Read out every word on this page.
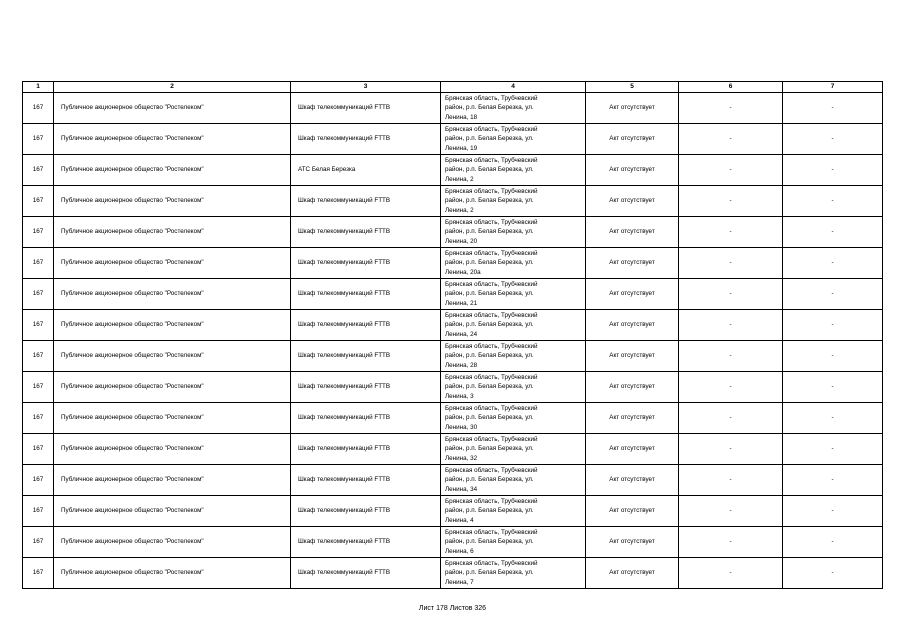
1	2	3	4	5	6	7
167	Публичное акционерное общество "Ростелеком"	Шкаф телекоммуникаций FTTB	Брянская область, Трубчевский
район, р.п. Белая Березка, ул.
Ленина, 18	Акт отсутствует	-	-
167	Публичное акционерное общество "Ростелеком"	Шкаф телекоммуникаций FTTB	Брянская область, Трубчевский
район, р.п. Белая Березка, ул.
Ленина, 19	Акт отсутствует	-	-
167	Публичное акционерное общество "Ростелеком"	АТС Белая Березка	Брянская область, Трубчевский
район, р.п. Белая Березка, ул.
Ленина, 2	Акт отсутствует	-	-
167	Публичное акционерное общество "Ростелеком"	Шкаф телекоммуникаций FTTB	Брянская область, Трубчевский
район, р.п. Белая Березка, ул.
Ленина, 2	Акт отсутствует	-	-
167	Публичное акционерное общество "Ростелеком"	Шкаф телекоммуникаций FTTB	Брянская область, Трубчевский
район, р.п. Белая Березка, ул.
Ленина, 20	Акт отсутствует	-	-
167	Публичное акционерное общество "Ростелеком"	Шкаф телекоммуникаций FTTB	Брянская область, Трубчевский
район, р.п. Белая Березка, ул.
Ленина, 20а	Акт отсутствует	-	-
167	Публичное акционерное общество "Ростелеком"	Шкаф телекоммуникаций FTTB	Брянская область, Трубчевский
район, р.п. Белая Березка, ул.
Ленина, 21	Акт отсутствует	-	-
167	Публичное акционерное общество "Ростелеком"	Шкаф телекоммуникаций FTTB	Брянская область, Трубчевский
район, р.п. Белая Березка, ул.
Ленина, 24	Акт отсутствует	-	-
167	Публичное акционерное общество "Ростелеком"	Шкаф телекоммуникаций FTTB	Брянская область, Трубчевский
район, р.п. Белая Березка, ул.
Ленина, 28	Акт отсутствует	-	-
167	Публичное акционерное общество "Ростелеком"	Шкаф телекоммуникаций FTTB	Брянская область, Трубчевский
район, р.п. Белая Березка, ул.
Ленина, 3	Акт отсутствует	-	-
167	Публичное акционерное общество "Ростелеком"	Шкаф телекоммуникаций FTTB	Брянская область, Трубчевский
район, р.п. Белая Березка, ул.
Ленина, 30	Акт отсутствует	-	-
167	Публичное акционерное общество "Ростелеком"	Шкаф телекоммуникаций FTTB	Брянская область, Трубчевский
район, р.п. Белая Березка, ул.
Ленина, 32	Акт отсутствует	-	-
167	Публичное акционерное общество "Ростелеком"	Шкаф телекоммуникаций FTTB	Брянская область, Трубчевский
район, р.п. Белая Березка, ул.
Ленина, 34	Акт отсутствует	-	-
167	Публичное акционерное общество "Ростелеком"	Шкаф телекоммуникаций FTTB	Брянская область, Трубчевский
район, р.п. Белая Березка, ул.
Ленина, 4	Акт отсутствует	-	-
167	Публичное акционерное общество "Ростелеком"	Шкаф телекоммуникаций FTTB	Брянская область, Трубчевский
район, р.п. Белая Березка, ул.
Ленина, 6	Акт отсутствует	-	-
167	Публичное акционерное общество "Ростелеком"	Шкаф телекоммуникаций FTTB	Брянская область, Трубчевский
район, р.п. Белая Березка, ул.
Ленина, 7	Акт отсутствует	-	-
Лист 178 Листов 326
